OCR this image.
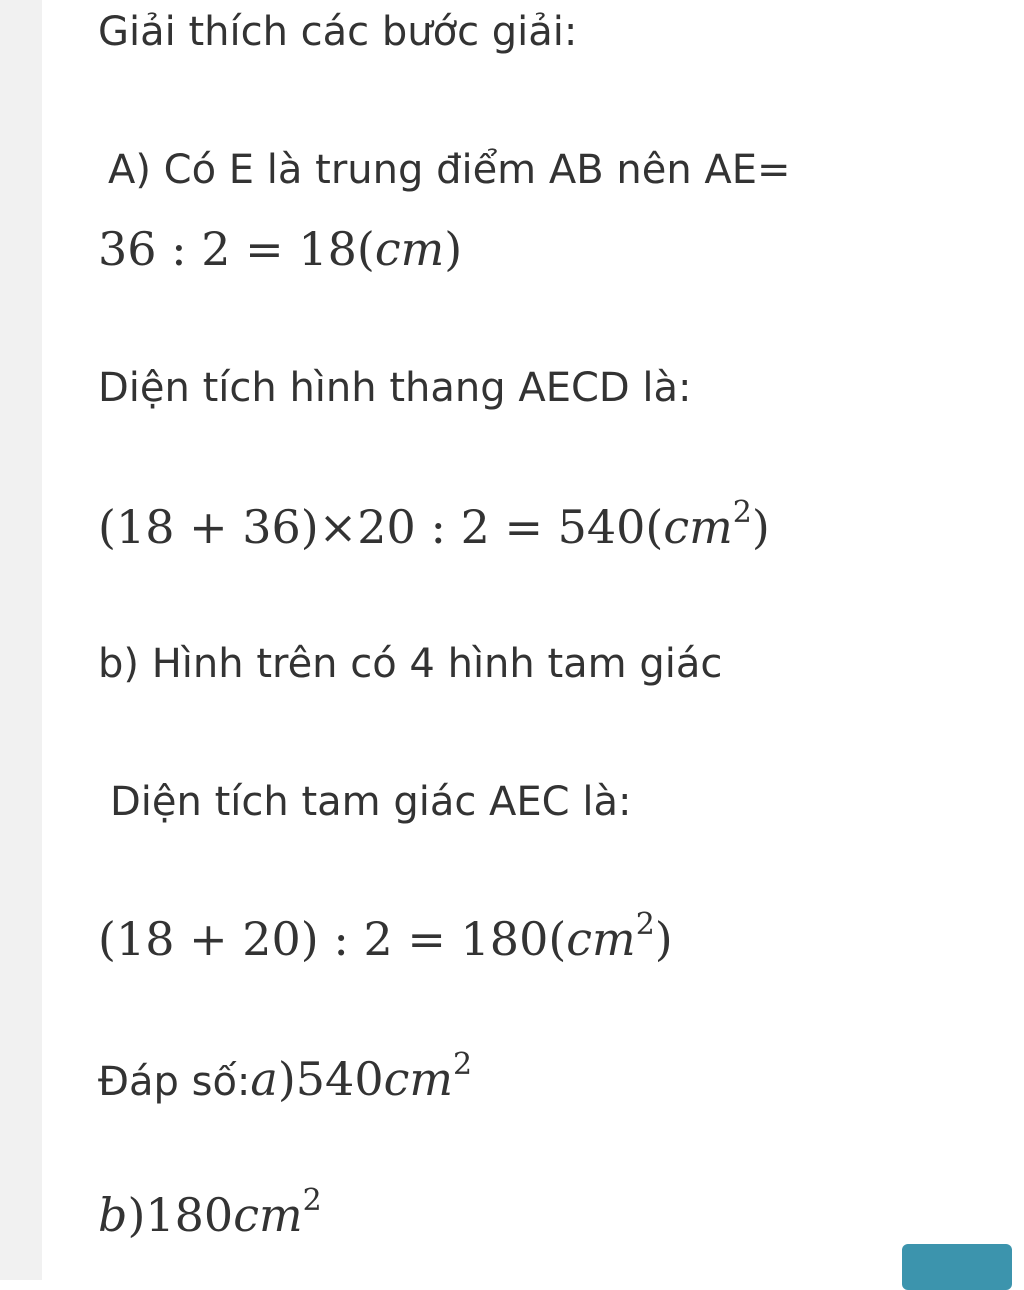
Giải thích các bước giải:
A) Có E là trung điểm AB nên AE=
36 : 2 = 18(cm)
Diện tích hình thang AECD là:
(18 + 36)×20 : $2 = 540(cm^2)$
b) Hình trên có 4 hình tam giác
Diện tích tam giác AEC là:
(18 + 20) : $2 = 180(cm^2)$
Đáp $số:a)540cm^2$
$b)180cm^2$
